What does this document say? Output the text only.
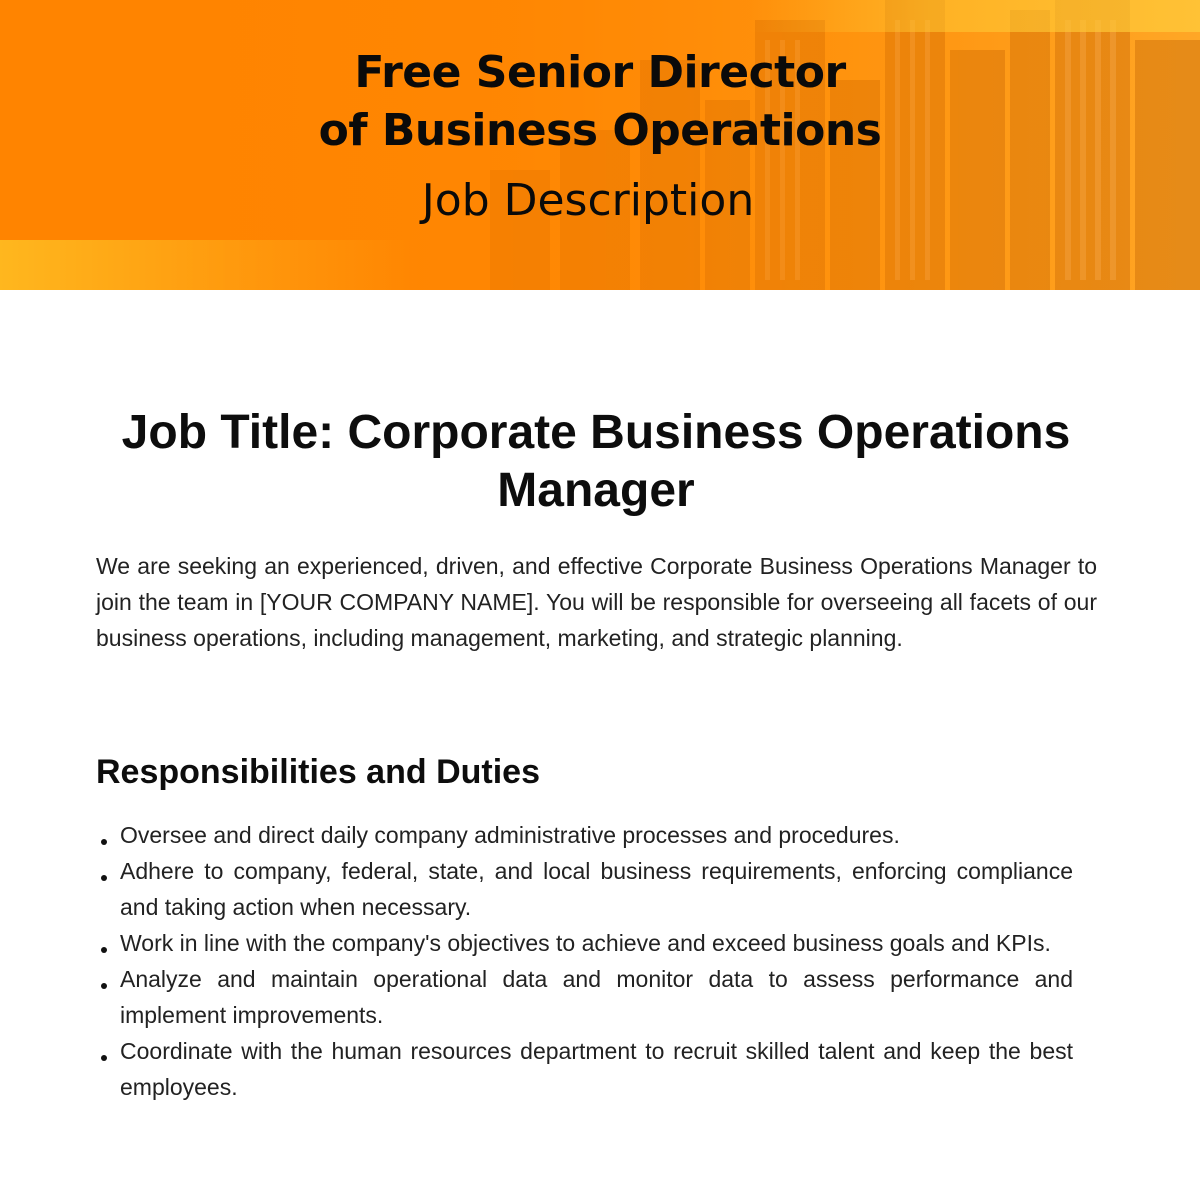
Free Senior Director
of Business Operations
Job Description
Job Title: Corporate Business Operations Manager

We are seeking an experienced, driven, and effective Corporate Business Operations Manager to join the team in [YOUR COMPANY NAME]. You will be responsible for overseeing all facets of our business operations, including management, marketing, and strategic planning.

Responsibilities and Duties
Oversee and direct daily company administrative processes and procedures.
Adhere to company, federal, state, and local business requirements, enforcing compliance and taking action when necessary.
Work in line with the company's objectives to achieve and exceed business goals and KPIs.
Analyze and maintain operational data and monitor data to assess performance and implement improvements.
Coordinate with the human resources department to recruit skilled talent and keep the best employees.
